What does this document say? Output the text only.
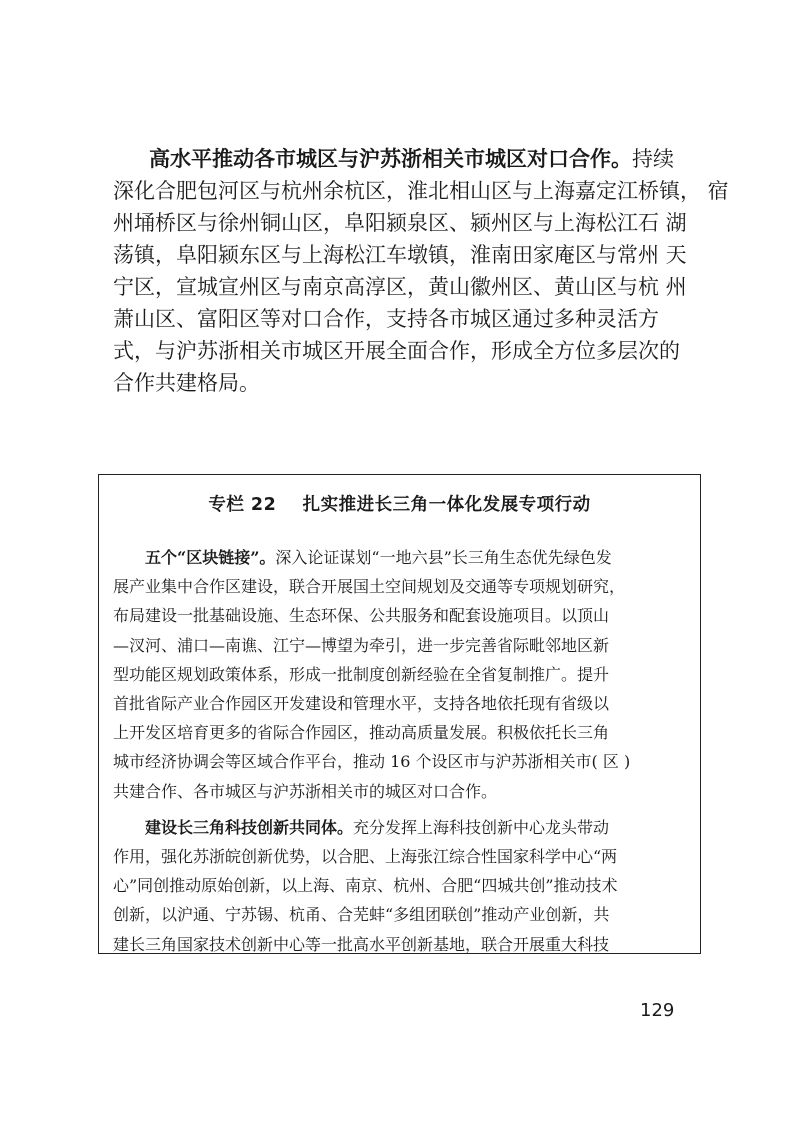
高水平推动各市城区与沪苏浙相关市城区对口合作。持续

深化合肥包河区与杭州余杭区，淮北相山区与上海嘉定江桥镇， 宿

州埇桥区与徐州铜山区，阜阳颍泉区、颍州区与上海松江石 湖

荡镇，阜阳颍东区与上海松江车墩镇，淮南田家庵区与常州 天

宁区，宣城宣州区与南京高淳区，黄山徽州区、黄山区与杭 州

萧山区、富阳区等对口合作，支持各市城区通过多种灵活方

式，与沪苏浙相关市城区开展全面合作，形成全方位多层次的

合作共建格局。

专栏 22    扎实推进长三角一体化发展专项行动

五个“区块链接”。深入论证谋划“一地六县”长三角生态优先绿色发

展产业集中合作区建设，联合开展国土空间规划及交通等专项规划研究，

布局建设一批基础设施、生态环保、公共服务和配套设施项目。以顶山

—汊河、浦口—南谯、江宁—博望为牵引，进一步完善省际毗邻地区新

型功能区规划政策体系，形成一批制度创新经验在全省复制推广。提升

首批省际产业合作园区开发建设和管理水平，支持各地依托现有省级以

上开发区培育更多的省际合作园区，推动高质量发展。积极依托长三角

城市经济协调会等区域合作平台，推动 16 个设区市与沪苏浙相关市( 区 )

共建合作、各市城区与沪苏浙相关市的城区对口合作。

建设长三角科技创新共同体。充分发挥上海科技创新中心龙头带动

作用，强化苏浙皖创新优势，以合肥、上海张江综合性国家科学中心“两

心”同创推动原始创新，以上海、南京、杭州、合肥“四城共创”推动技术

创新，以沪通、宁苏锡、杭甬、合芜蚌“多组团联创”推动产业创新，共

建长三角国家技术创新中心等一批高水平创新基地，联合开展重大科技

129
